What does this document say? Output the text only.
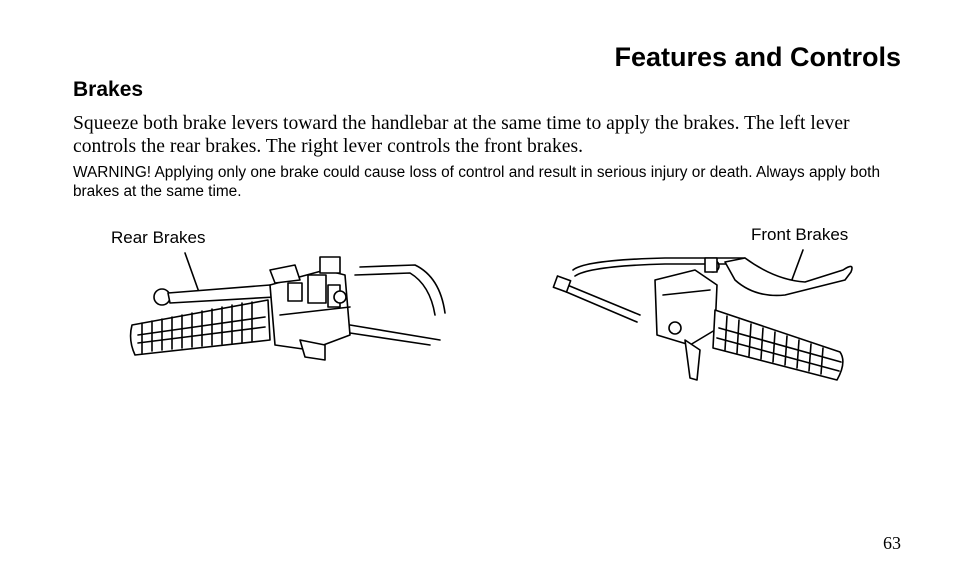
Features and Controls
Brakes

Squeeze both brake levers toward the handlebar at the same time to apply the brakes. The left lever controls the rear brakes. The right lever controls the front brakes.

WARNING! Applying only one brake could cause loss of control and result in serious injury or death. Always apply both brakes at the same time.

Rear Brakes	Front Brakes
63
